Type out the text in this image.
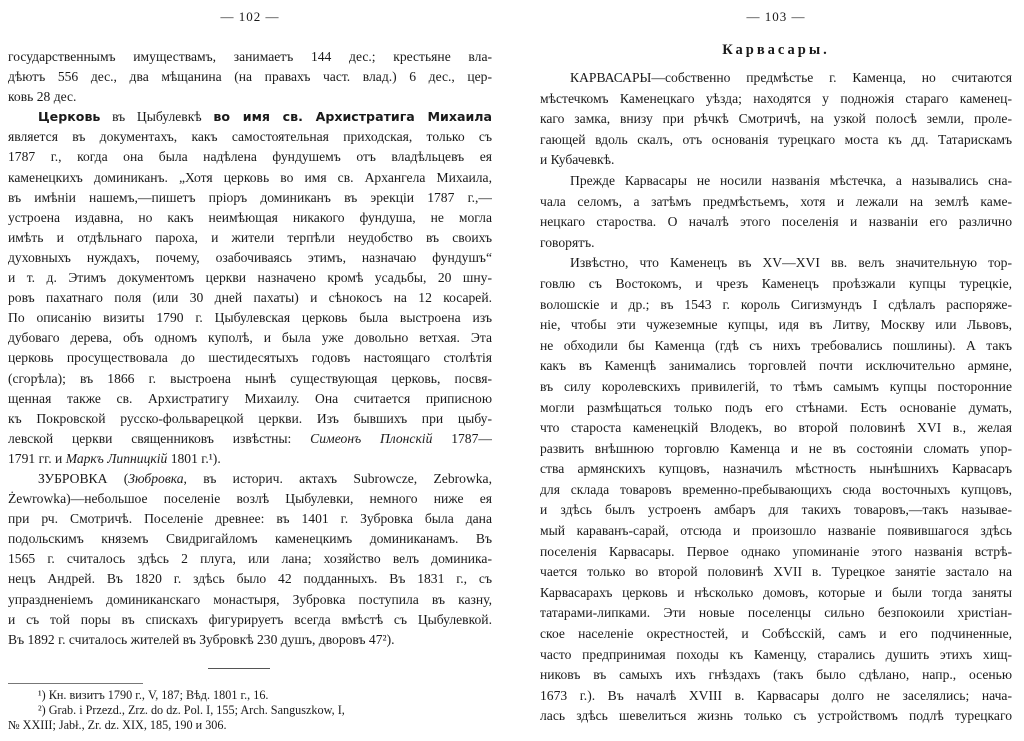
— 102 —
государственнымъ имуществамъ, занимаетъ 144 дес.; крестьяне вла-
дѣютъ 556 дес., два мѣщанина (на правахъ част. влад.) 6 дес., цер-
ковь 28 дес.
Церковь въ Цыбулевкѣ во имя св. Архистратига Михаила
является въ документахъ, какъ самостоятельная приходская, только съ
1787 г., когда она была надѣлена фундушемъ отъ владѣльцевъ ея
каменецкихъ доминиканъ. „Хотя церковь во имя св. Архангела Михаила,
въ имѣнiи нашемъ,—пишетъ прiоръ доминиканъ въ эрекцiи 1787 г.,—
устроена издавна, но какъ неимѣющая никакого фундуша, не могла
имѣть и отдѣльнаго пароха, и жители терпѣли неудобство въ своихъ
духовныхъ нуждахъ, почему, озабочиваясь этимъ, назначаю фундушъ“
и т. д. Этимъ документомъ церкви назначено кромѣ усадьбы, 20 шну-
ровъ пахатнаго поля (или 30 дней пахаты) и сѣнокосъ на 12 косарей.
По описанiю визиты 1790 г. Цыбулевская церковь была выстроена изъ
дубоваго дерева, объ одномъ куполѣ, и была уже довольно ветхая. Эта
церковь просуществовала до шестидесятыхъ годовъ настоящаго столѣтiя
(сгорѣла); въ 1866 г. выстроена нынѣ существующая церковь, посвя-
щенная также св. Архистратигу Михаилу. Она считается приписною
къ Покровской русско-фольварецкой церкви. Изъ бывшихъ при цыбу-
левской церкви священниковъ извѣстны: Симеонъ Плонскiй 1787—
1791 гг. и Маркъ Липницкiй 1801 г.¹).
ЗУБРОВКА (Зюбровка, въ историч. актахъ Subrowcze, Zebrowka,
Żewrowka)—небольшое поселенiе возлѣ Цыбулевки, немного ниже ея
при рч. Смотричѣ. Поселенiе древнее: въ 1401 г. Зубровка была дана
подольскимъ княземъ Свидригайломъ каменецкимъ доминиканамъ. Въ
1565 г. считалось здѣсь 2 плуга, или лана; хозяйство велъ доминика-
нецъ Андрей. Въ 1820 г. здѣсь было 42 подданныхъ. Въ 1831 г., съ
упраздненiемъ доминиканскаго монастыря, Зубровка поступила въ казну,
и съ той поры въ спискахъ фигурируетъ всегда вмѣстѣ съ Цыбулевкой.
Въ 1892 г. считалось жителей въ Зубровкѣ 230 душъ, дворовъ 47²).
¹) Кн. визитъ 1790 г., V, 187; Вѣд. 1801 г., 16.
²) Grab. i Przezd., Zrz. do dz. Pol. I, 155; Arch. Sanguszkow, I,
№ XXIII; Jabł., Zr. dz. XIX, 185, 190 и 306.
— 103 —
Карвасары.
КАРВАСАРЫ—собственно предмѣстье г. Каменца, но считаются
мѣстечкомъ Каменецкаго уѣзда; находятся у подножiя стараго каменец-
каго замка, внизу при рѣчкѣ Смотричѣ, на узкой полосѣ земли, проле-
гающей вдоль скалъ, отъ основанiя турецкаго моста къ дд. Татарискамъ
и Кубачевкѣ.
Прежде Карвасары не носили названiя мѣстечка, а назывались сна-
чала селомъ, а затѣмъ предмѣстьемъ, хотя и лежали на землѣ каме-
нецкаго староства. О началѣ этого поселенiя и названiи его различно
говорятъ.
Извѣстно, что Каменецъ въ XV—XVI вв. велъ значительную тор-
говлю съ Востокомъ, и чрезъ Каменецъ проѣзжали купцы турецкiе,
волошскiе и др.; въ 1543 г. король Сигизмундъ I сдѣлалъ распоряже-
нiе, чтобы эти чужеземные купцы, идя въ Литву, Москву или Львовъ,
не обходили бы Каменца (гдѣ съ нихъ требовались пошлины). А такъ
какъ въ Каменцѣ занимались торговлей почти исключительно армяне,
въ силу королевскихъ привилегiй, то тѣмъ самымъ купцы посторонние
могли размѣщаться только подъ его стѣнами. Есть основанiе думать,
что староста каменецкiй Влодекъ, во второй половинѣ XVI в., желая
развить внѣшнюю торговлю Каменца и не въ состоянiи сломать упор-
ства армянскихъ купцовъ, назначилъ мѣстность нынѣшнихъ Карвасаръ
для склада товаровъ временно-пребывающихъ сюда восточныхъ купцовъ,
и здѣсь былъ устроенъ амбаръ для такихъ товаровъ,—такъ называе-
мый караванъ-сарай, отсюда и произошло названiе появившагося здѣсь
поселенiя Карвасары. Первое однако упоминанiе этого названiя встрѣ-
чается только во второй половинѣ XVII в. Турецкое занятiе застало на
Карвасарахъ церковь и нѣсколько домовъ, которые и были тогда заняты
татарами-липками. Эти новые поселенцы сильно безпокоили христiан-
ское населенiе окрестностей, и Собѣсскiй, самъ и его подчиненные,
часто предпринимая походы къ Каменцу, старались душить этихъ хищ-
никовъ въ самыхъ ихъ гнѣздахъ (такъ было сдѣлано, напр., осенью
1673 г.). Въ началѣ XVIII в. Карвасары долго не заселялись; нача-
лась здѣсь шевелиться жизнь только съ устройствомъ подлѣ турецкаго
